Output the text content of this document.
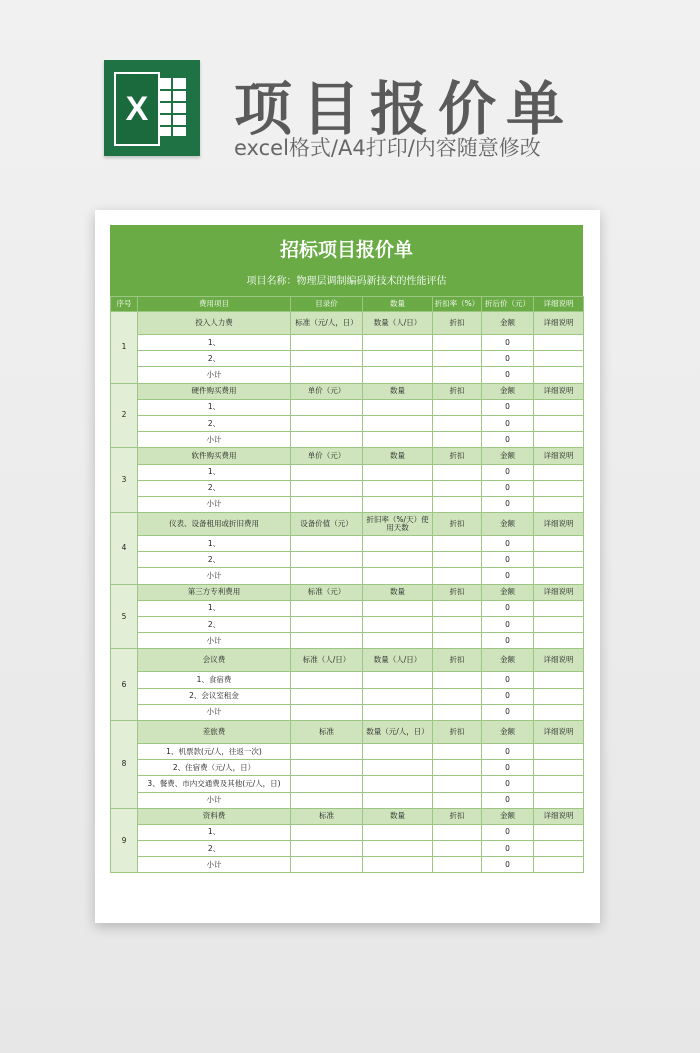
X 项目报价单
excel格式/A4打印/内容随意修改
招标项目报价单
项目名称：物理层调制编码新技术的性能评估
序号	费用项目	目录价	数量	折扣率（%）	折后价（元）	详细说明
1	投入人力费	标准（元/人，日）	数量（人/日）	折扣	金额	详细说明
	1、				0	
	2、				0	
	小计				0	
2	硬件购买费用	单价（元）	数量	折扣	金额	详细说明
	1、				0	
	2、				0	
	小计				0	
3	软件购买费用	单价（元）	数量	折扣	金额	详细说明
	1、				0	
	2、				0	
	小计				0	
4	仪表、设备租用或折旧费用	设备价值（元）	折旧率（%/天）使用天数	折扣	金额	详细说明
	1、				0	
	2、				0	
	小计				0	
5	第三方专利费用	标准（元）	数量	折扣	金额	详细说明
	1、				0	
	2、				0	
	小计				0	
6	会议费	标准（人/日）	数量（人/日）	折扣	金额	详细说明
	1、食宿费				0	
	2、会议室租金				0	
	小计				0	
8	差旅费	标准	数量（元/人，日）	折扣	金额	详细说明
	1、机票款(元/人，往返一次)				0	
	2、住宿费（元/人，日）				0	
	3、餐费、市内交通费及其他(元/人，日)				0	
	小计				0	
9	资料费	标准	数量	折扣	金额	详细说明
	1、				0	
	2、				0	
	小计				0	
